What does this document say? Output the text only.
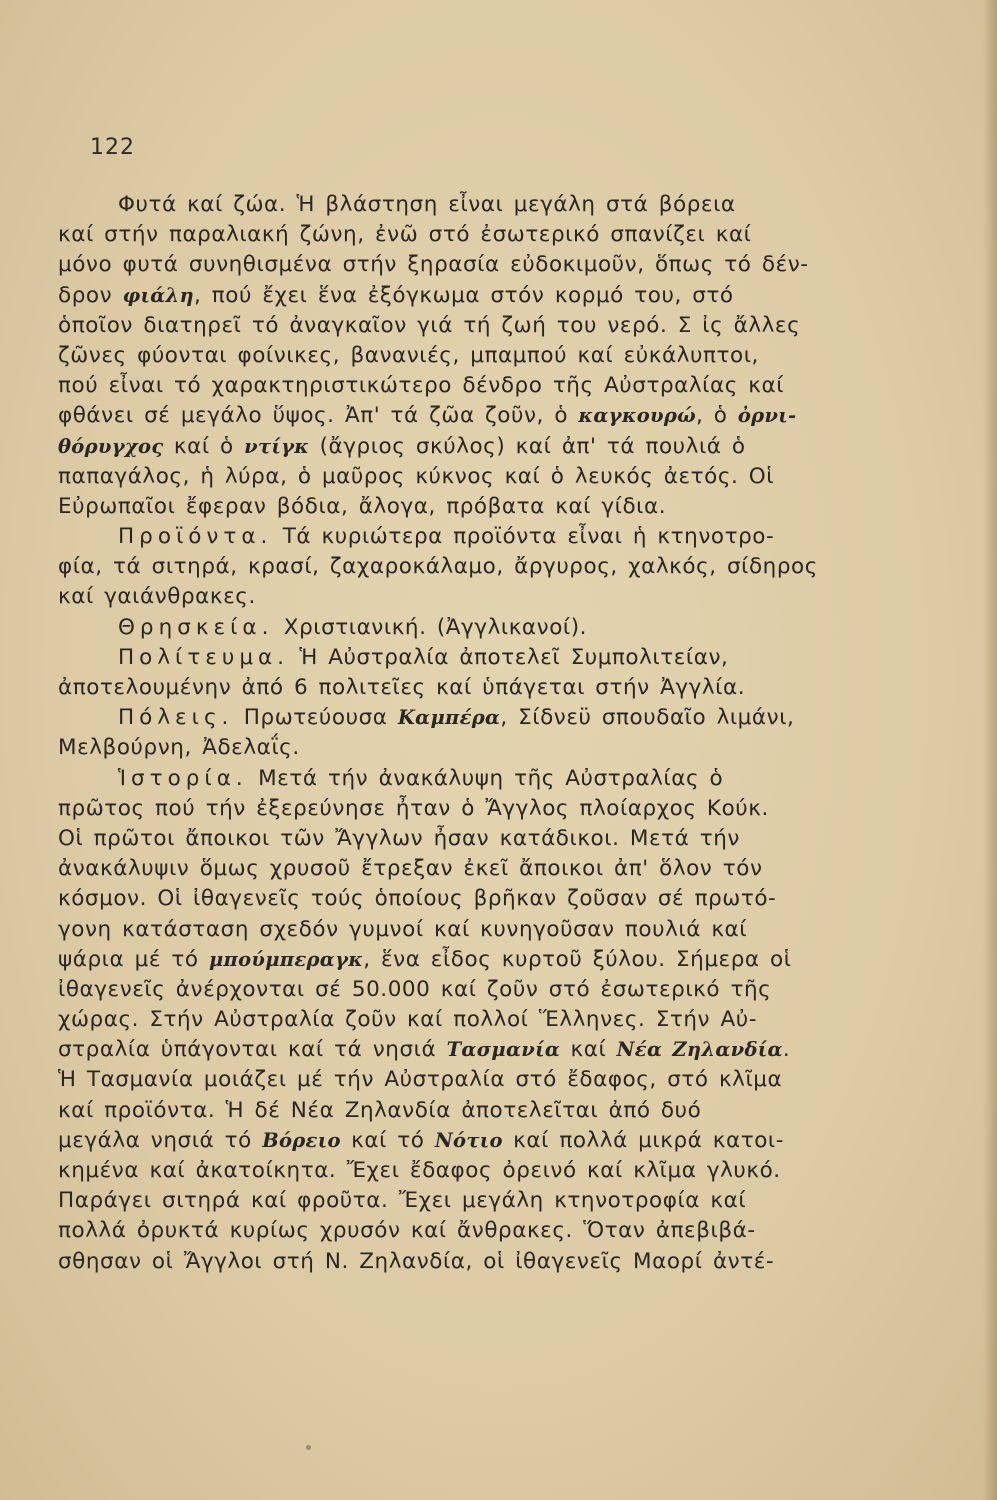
122
Φυτά καί ζώα. Ἡ βλάστηση εἶναι μεγάλη στά βόρεια
καί στήν παραλιακή ζώνη, ἐνῶ στό ἐσωτερικό σπανίζει καί
μόνο φυτά συνηθισμένα στήν ξηρασία εὐδοκιμοῦν, ὅπως τό δέν-
δρον φιάλη, πού ἔχει ἕνα ἐξόγκωμα στόν κορμό του, στό
ὁποῖον διατηρεῖ τό ἀναγκαῖον γιά τή ζωή του νερό. Σ ἰς ἄλλες
ζῶνες φύονται φοίνικες, βανανιές, μπαμπού καί εὐκάλυπτοι,
πού εἶναι τό χαρακτηριστικώτερο δένδρο τῆς Αὐστραλίας καί
φθάνει σέ μεγάλο ὕψος. Ἀπ' τά ζῶα ζοῦν, ὁ καγκουρώ, ὁ ὀρνι-
θόρυγχος καί ὁ ντίγκ (ἄγριος σκύλος) καί ἀπ' τά πουλιά ὁ
παπαγάλος, ἡ λύρα, ὁ μαῦρος κύκνος καί ὁ λευκός ἀετός. Οἱ
Εὐρωπαῖοι ἔφεραν βόδια, ἄλογα, πρόβατα καί γίδια.
Προϊόντα. Τά κυριώτερα προϊόντα εἶναι ἡ κτηνοτρο-
φία, τά σιτηρά, κρασί, ζαχαροκάλαμο, ἄργυρος, χαλκός, σίδηρος
καί γαιάνθρακες.
Θρησκεία. Χριστιανική. (Ἀγγλικανοί).
Πολίτευμα. Ἡ Αὐστραλία ἀποτελεῖ Συμπολιτείαν,
ἀποτελουμένην ἀπό 6 πολιτεῖες καί ὑπάγεται στήν Ἀγγλία.
Πόλεις. Πρωτεύουσα Καμπέρα, Σίδνεϋ σπουδαῖο λιμάνι,
Μελβούρνη, Ἀδελαΐς.
Ἱστορία. Μετά τήν ἀνακάλυψη τῆς Αὐστραλίας ὁ
πρῶτος πού τήν ἐξερεύνησε ἦταν ὁ Ἄγγλος πλοίαρχος Κούκ.
Οἱ πρῶτοι ἄποικοι τῶν Ἄγγλων ἦσαν κατάδικοι. Μετά τήν
ἀνακάλυψιν ὅμως χρυσοῦ ἔτρεξαν ἐκεῖ ἄποικοι ἀπ' ὅλον τόν
κόσμον. Οἱ ἰθαγενεῖς τούς ὁποίους βρῆκαν ζοῦσαν σέ πρωτό-
γονη κατάσταση σχεδόν γυμνοί καί κυνηγοῦσαν πουλιά καί
ψάρια μέ τό μπούμπεραγκ, ἕνα εἶδος κυρτοῦ ξύλου. Σήμερα οἱ
ἰθαγενεῖς ἀνέρχονται σέ 50.000 καί ζοῦν στό ἐσωτερικό τῆς
χώρας. Στήν Αὐστραλία ζοῦν καί πολλοί Ἕλληνες. Στήν Αὐ-
στραλία ὑπάγονται καί τά νησιά Τασμανία καί Νέα Ζηλανδία.
Ἡ Τασμανία μοιάζει μέ τήν Αὐστραλία στό ἔδαφος, στό κλῖμα
καί προϊόντα. Ἡ δέ Νέα Ζηλανδία ἀποτελεῖται ἀπό δυό
μεγάλα νησιά τό Βόρειο καί τό Νότιο καί πολλά μικρά κατοι-
κημένα καί ἀκατοίκητα. Ἔχει ἔδαφος ὀρεινό καί κλῖμα γλυκό.
Παράγει σιτηρά καί φροῦτα. Ἔχει μεγάλη κτηνοτροφία καί
πολλά ὀρυκτά κυρίως χρυσόν καί ἄνθρακες. Ὅταν ἀπεβιβά-
σθησαν οἱ Ἄγγλοι στή Ν. Ζηλανδία, οἱ ἰθαγενεῖς Μαορί ἀντέ-
